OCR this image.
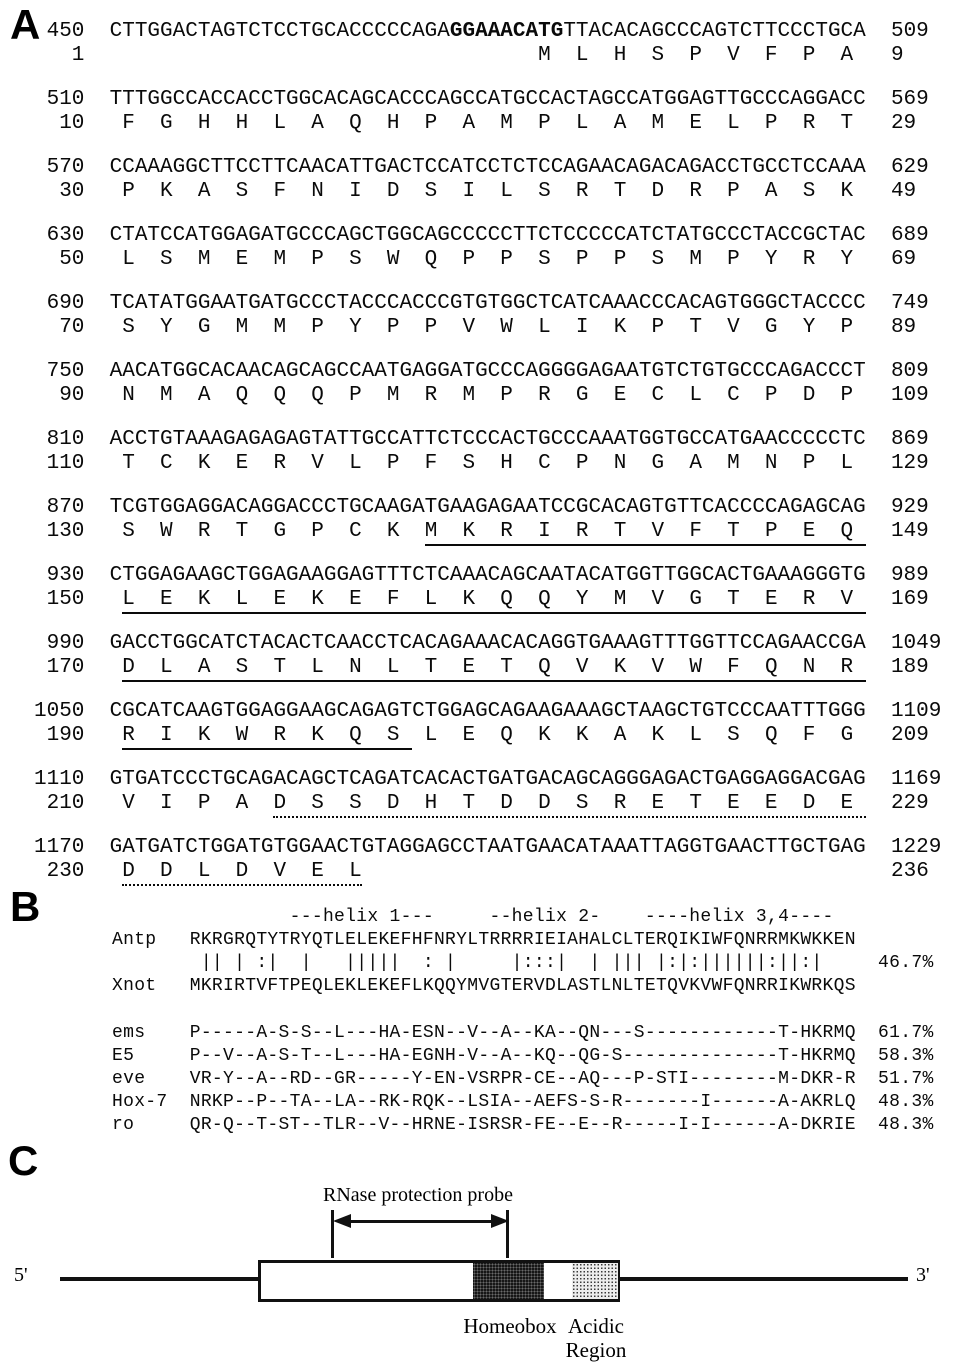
A
450  CTTGGACTAGTCTCCTGCACCCCCAGAGGAAACATGTTACACAGCCCAGTCTTCCCTGCA  509
1                                    M  L  H  S  P  V  F  P  A   9
510  TTTGGCCACCACCTGGCACAGCACCCAGCCATGCCACTAGCCATGGAGTTGCCCAGGACC  569
10   F  G  H  H  L  A  Q  H  P  A  M  P  L  A  M  E  L  P  R  T   29
570  CCAAAGGCTTCCTTCAACATTGACTCCATCCTCTCCAGAACAGACAGACCTGCCTCCAAA  629
30   P  K  A  S  F  N  I  D  S  I  L  S  R  T  D  R  P  A  S  K   49
630  CTATCCATGGAGATGCCCAGCTGGCAGCCCCCTTCTCCCCCATCTATGCCCTACCGCTAC  689
50   L  S  M  E  M  P  S  W  Q  P  P  S  P  P  S  M  P  Y  R  Y   69
690  TCATATGGAATGATGCCCTACCCACCCGTGTGGCTCATCAAACCCACAGTGGGCTACCCC  749
70   S  Y  G  M  M  P  Y  P  P  V  W  L  I  K  P  T  V  G  Y  P   89
750  AACATGGCACAACAGCAGCCAATGAGGATGCCCAGGGGAGAATGTCTGTGCCCAGACCCT  809
90   N  M  A  Q  Q  Q  P  M  R  M  P  R  G  E  C  L  C  P  D  P   109
810  ACCTGTAAAGAGAGAGTATTGCCATTCTCCCACTGCCCAAATGGTGCCATGAACCCCCTC  869
110   T  C  K  E  R  V  L  P  F  S  H  C  P  N  G  A  M  N  P  L   129
870  TCGTGGAGGACAGGACCCTGCAAGATGAAGAGAATCCGCACAGTGTTCACCCCAGAGCAG  929
130   S  W  R  T  G  P  C  K  M  K  R  I  R  T  V  F  T  P  E  Q   149
930  CTGGAGAAGCTGGAGAAGGAGTTTCTCAAACAGCAATACATGGTTGGCACTGAAAGGGTG  989
150   L  E  K  L  E  K  E  F  L  K  Q  Q  Y  M  V  G  T  E  R  V   169
990  GACCTGGCATCTACACTCAACCTCACAGAAACACAGGTGAAAGTTTGGTTCCAGAACCGA  1049
170   D  L  A  S  T  L  N  L  T  E  T  Q  V  K  V  W  F  Q  N  R   189
1050  CGCATCAAGTGGAGGAAGCAGAGTCTGGAGCAGAAGAAAGCTAAGCTGTCCCAATTTGGG  1109
190   R  I  K  W  R  K  Q  S  L  E  Q  K  K  A  K  L  S  Q  F  G   209
1110  GTGATCCCTGCAGACAGCTCAGATCACACTGATGACAGCAGGGAGACTGAGGAGGACGAG  1169
210   V  I  P  A  D  S  S  D  H  T  D  D  S  R  E  T  E  E  D  E   229
1170  GATGATCTGGATGTGGAACTGTAGGAGCCTAATGAACATAAATTAGGTGAACTTGCTGAG  1229
230   D  D  L  D  V  E  L	236
B	---helix 1---     --helix 2-    ----helix 3,4----
Antp   RKRGRQTYTRYQTLELEKEFHFNRYLTRRRRIEIAHALCLTERQIKIWFQNRRMKWKKEN
|| | :|  |   |||||  : |     |:::|  | ||| |:|:||||||:||:|     46.7%
Xnot   MKRIRTVFTPEQLEKLEKEFLKQQYMVGTERVDLASTLNLTETQVKVWFQNRRIKWRKQS
ems    P-----A-S-S--L---HA-ESN--V--A--KA--QN---S------------T-HKRMQ  61.7%
E5     P--V--A-S-T--L---HA-EGNH-V--A--KQ--QG-S--------------T-HKRMQ  58.3%
eve    VR-Y--A--RD--GR-----Y-EN-VSRPR-CE--AQ---P-STI--------M-DKR-R  51.7%
Hox-7  NRKP--P--TA--LA--RK-RQK--LSIA--AEFS-S-R-------I------A-AKRLQ  48.3%
ro     QR-Q--T-ST--TLR--V--HRNE-ISRSR-FE--E--R-----I-I------A-DKRIE  48.3%
C
RNase protection probe
5'	3'
Homeobox Acidic
Region
